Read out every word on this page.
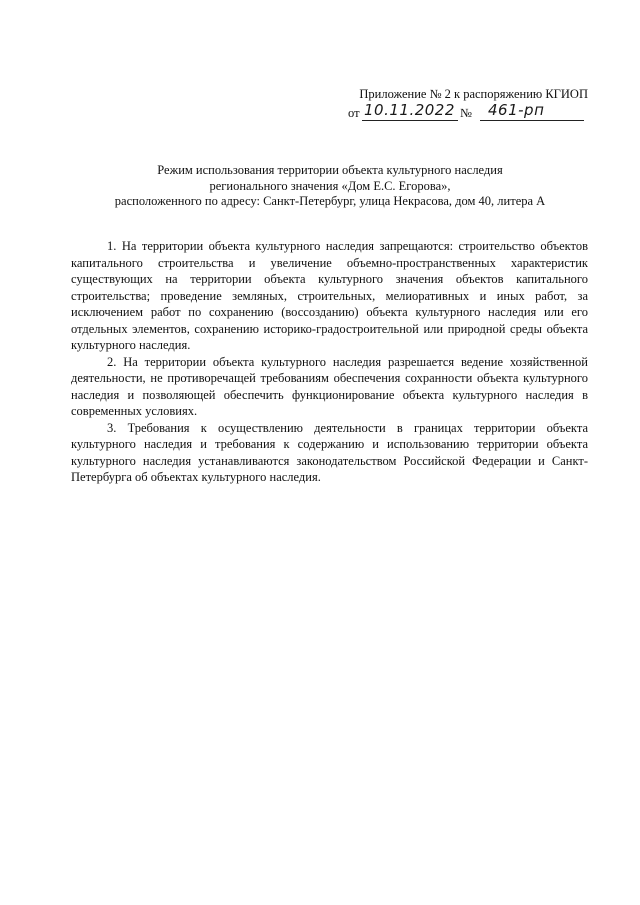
Приложение № 2 к распоряжению КГИОП
от 10.11.2022 № 461-рп
Режим использования территории объекта культурного наследия
регионального значения «Дом Е.С. Егорова»,
расположенного по адресу: Санкт-Петербург, улица Некрасова, дом 40, литера А

1. На территории объекта культурного наследия запрещаются: строительство объектов капитального строительства и увеличение объемно-пространственных характеристик существующих на территории объекта культурного значения объектов капитального строительства; проведение земляных, строительных, мелиоративных и иных работ, за исключением работ по сохранению (воссозданию) объекта культурного наследия или его отдельных элементов, сохранению историко-градостроительной или природной среды объекта культурного наследия.

2. На территории объекта культурного наследия разрешается ведение хозяйственной деятельности, не противоречащей требованиям обеспечения сохранности объекта культурного наследия и позволяющей обеспечить функционирование объекта культурного наследия в современных условиях.

3. Требования к осуществлению деятельности в границах территории объекта культурного наследия и требования к содержанию и использованию территории объекта культурного наследия устанавливаются законодательством Российской Федерации и Санкт-Петербурга об объектах культурного наследия.
